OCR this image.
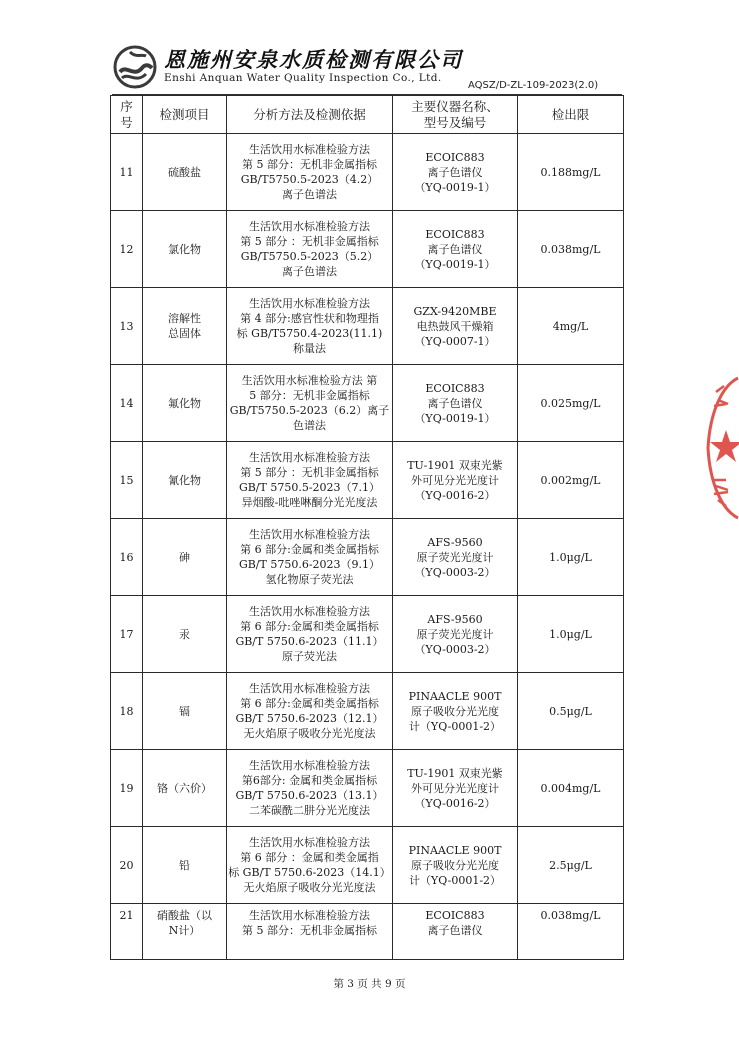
恩施州安泉水质检测有限公司
Enshi Anquan Water Quality Inspection Co., Ltd.
AQSZ/D-ZL-109-2023(2.0)
序
号	检测项目	分析方法及检测依据	主要仪器名称、
型号及编号	检出限
11	硫酸盐	生活饮用水标准检验方法
第 5 部分：无机非金属指标
GB/T5750.5-2023（4.2）
离子色谱法	ECOIC883
离子色谱仪
（YQ-0019-1）	0.188mg/L
12	氯化物	生活饮用水标准检验方法
第 5 部分 ：无机非金属指标
GB/T5750.5-2023（5.2）
离子色谱法	ECOIC883
离子色谱仪
（YQ-0019-1）	0.038mg/L
13	溶解性
总固体	生活饮用水标准检验方法
第 4 部分:感官性状和物理指
标 GB/T5750.4-2023(11.1)
称量法	GZX-9420MBE
电热鼓风干燥箱
（YQ-0007-1）	4mg/L
14	氟化物	生活饮用水标准检验方法 第
5 部分：无机非金属指标
GB/T5750.5-2023（6.2）离子
色谱法	ECOIC883
离子色谱仪
（YQ-0019-1）	0.025mg/L
15	氰化物	生活饮用水标准检验方法
第 5 部分 ：无机非金属指标
GB/T 5750.5-2023（7.1）
异烟酸-吡唑啉酮分光光度法	TU-1901 双束光紫
外可见分光光度计
（YQ-0016-2）	0.002mg/L
16	砷	生活饮用水标准检验方法
第 6 部分:金属和类金属指标
GB/T 5750.6-2023（9.1）
氢化物原子荧光法	AFS-9560
原子荧光光度计
（YQ-0003-2）	1.0μg/L
17	汞	生活饮用水标准检验方法
第 6 部分:金属和类金属指标
GB/T 5750.6-2023（11.1）
原子荧光法	AFS-9560
原子荧光光度计
（YQ-0003-2）	1.0μg/L
18	镉	生活饮用水标准检验方法
第 6 部分:金属和类金属指标
GB/T 5750.6-2023（12.1）
无火焰原子吸收分光光度法	PINAACLE 900T
原子吸收分光光度
计（YQ-0001-2）	0.5μg/L
19	铬（六价）	生活饮用水标准检验方法
第6部分: 金属和类金属指标
GB/T 5750.6-2023（13.1）
二苯碳酰二肼分光光度法	TU-1901 双束光紫
外可见分光光度计
（YQ-0016-2）	0.004mg/L
20	铅	生活饮用水标准检验方法
第 6 部分 ：金属和类金属指
标 GB/T 5750.6-2023（14.1）
无火焰原子吸收分光光度法	PINAACLE 900T
原子吸收分光光度
计（YQ-0001-2）	2.5μg/L
21	硝酸盐（以
N计）	生活饮用水标准检验方法
第 5 部分：无机非金属指标	ECOIC883
离子色谱仪	0.038mg/L
第 3 页 共 9 页
